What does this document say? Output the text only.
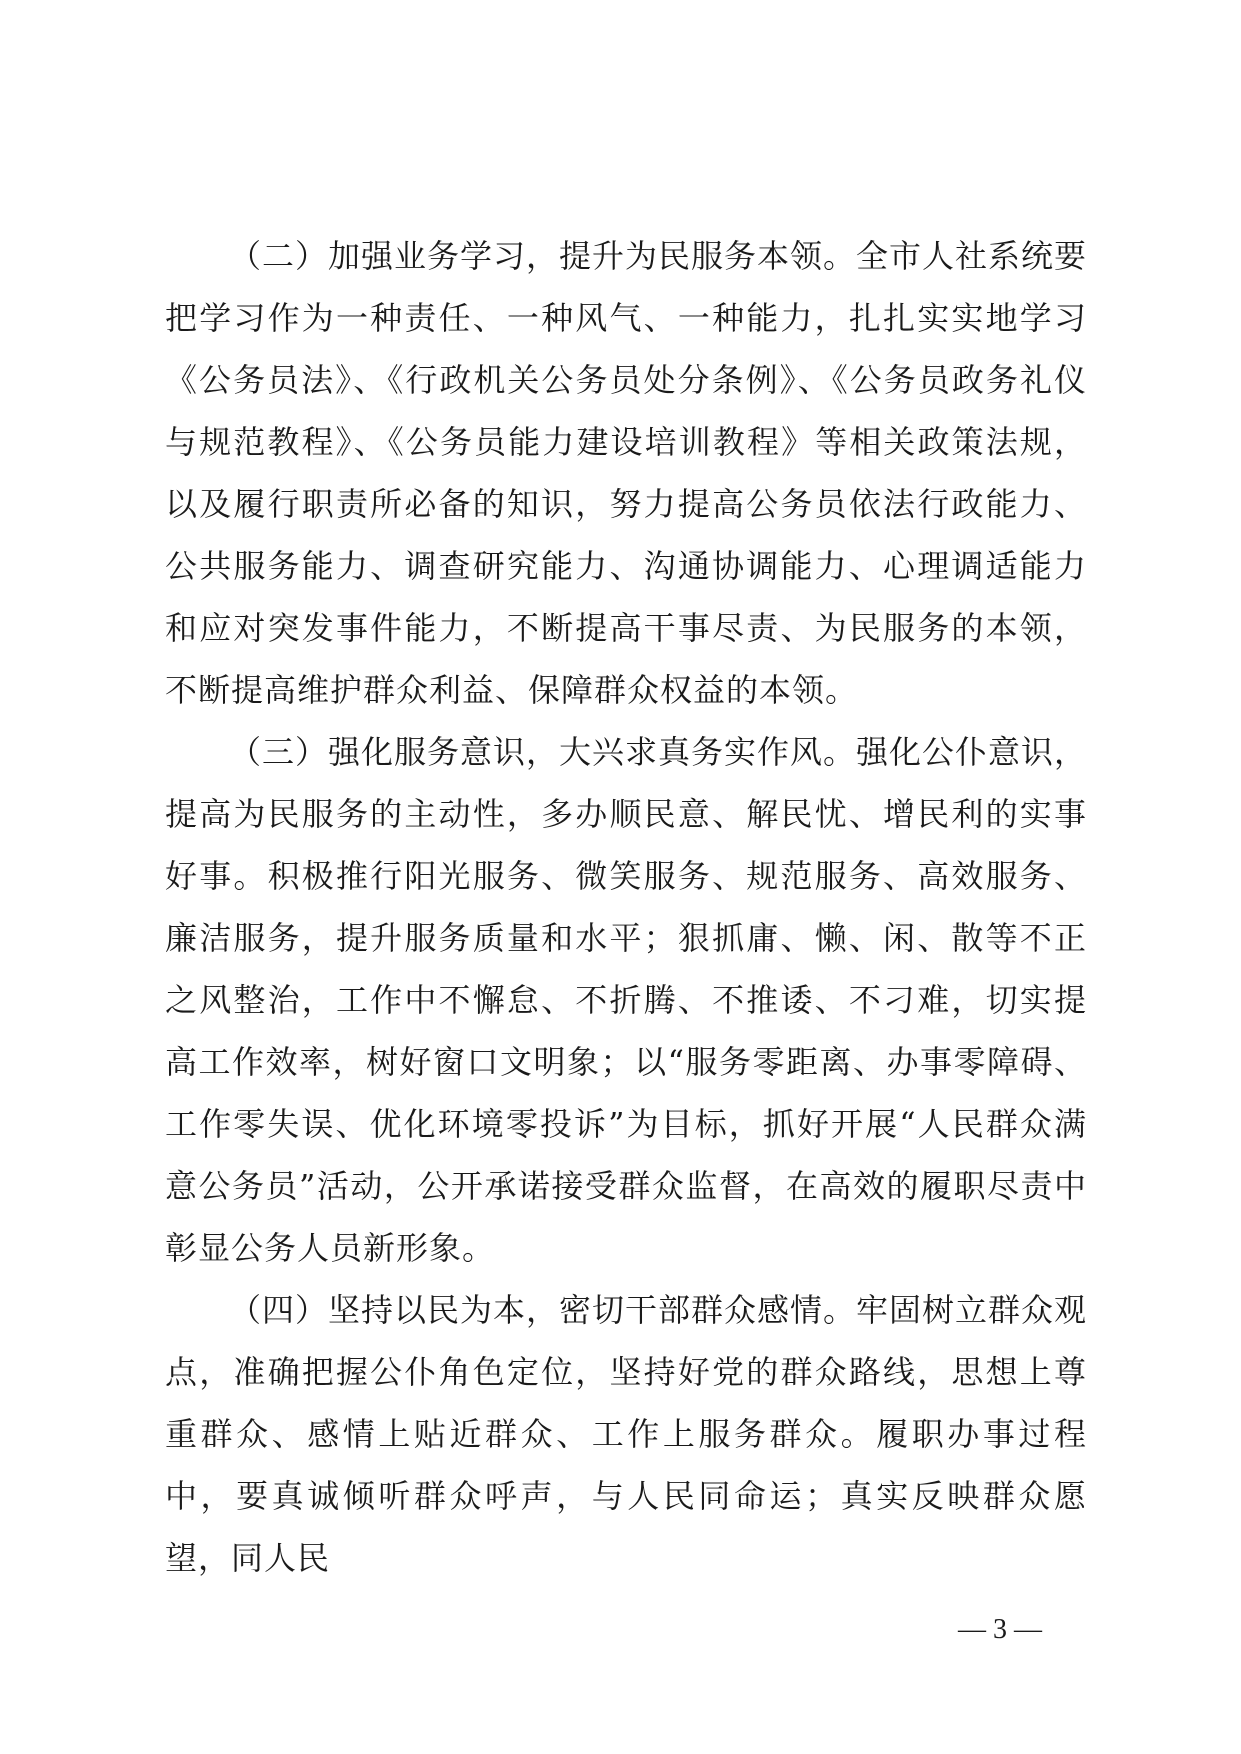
（二）加强业务学习，提升为民服务本领。全市人社系统要把学习作为一种责任、一种风气、一种能力，扎扎实实地学习《公务员法》、《行政机关公务员处分条例》、《公务员政务礼仪与规范教程》、《公务员能力建设培训教程》等相关政策法规，以及履行职责所必备的知识，努力提高公务员依法行政能力、公共服务能力、调查研究能力、沟通协调能力、心理调适能力和应对突发事件能力，不断提高干事尽责、为民服务的本领，不断提高维护群众利益、保障群众权益的本领。

（三）强化服务意识，大兴求真务实作风。强化公仆意识，提高为民服务的主动性，多办顺民意、解民忧、增民利的实事好事。积极推行阳光服务、微笑服务、规范服务、高效服务、廉洁服务，提升服务质量和水平；狠抓庸、懒、闲、散等不正之风整治，工作中不懈怠、不折腾、不推诿、不刁难，切实提高工作效率，树好窗口文明象；以“服务零距离、办事零障碍、工作零失误、优化环境零投诉”为目标，抓好开展“人民群众满意公务员”活动，公开承诺接受群众监督，在高效的履职尽责中彰显公务人员新形象。

（四）坚持以民为本，密切干部群众感情。牢固树立群众观点，准确把握公仆角色定位，坚持好党的群众路线，思想上尊重群众、感情上贴近群众、工作上服务群众。履职办事过程中，要真诚倾听群众呼声，与人民同命运；真实反映群众愿望，同人民

— 3 —
